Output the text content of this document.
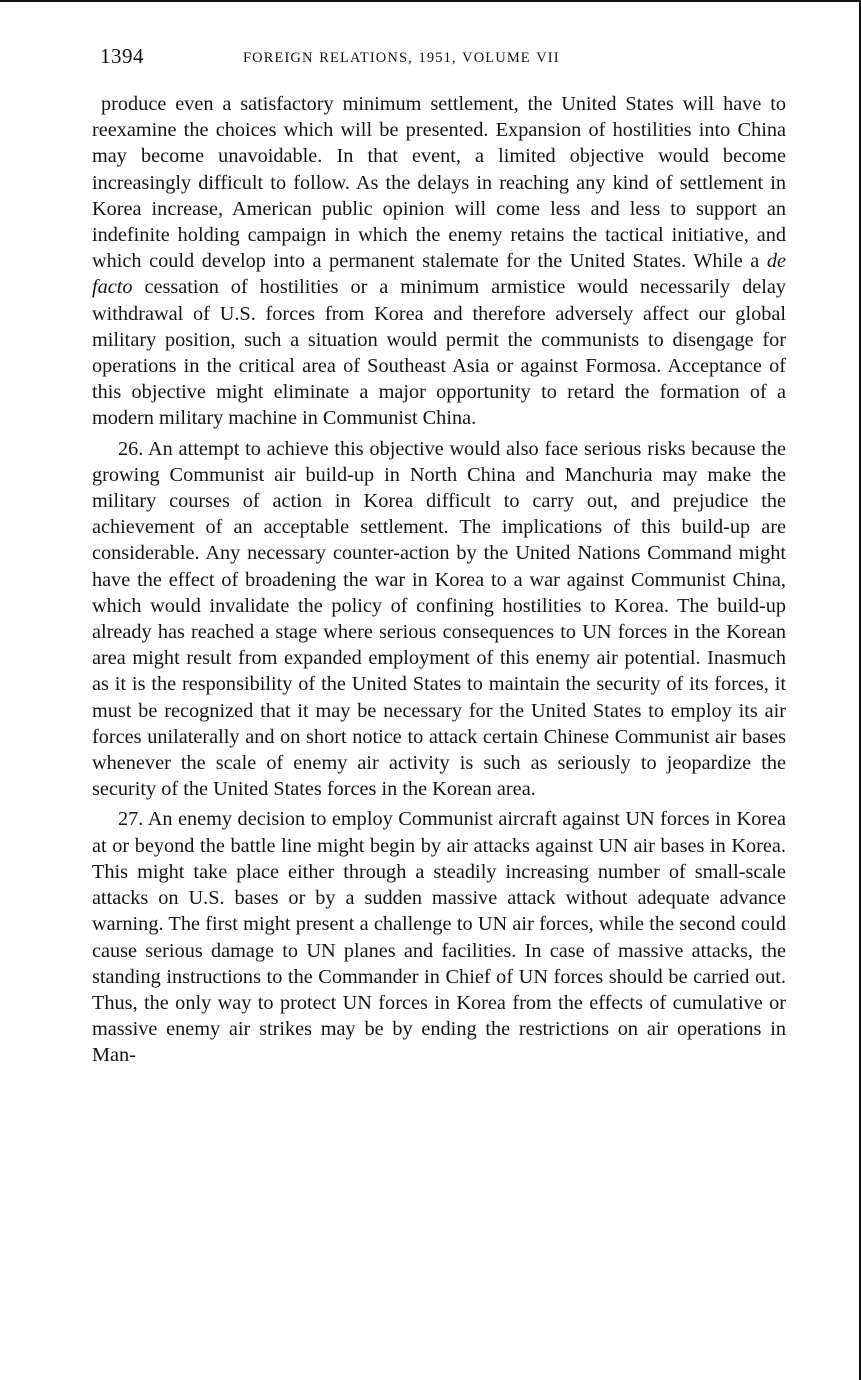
1394	FOREIGN RELATIONS, 1951, VOLUME VII

produce even a satisfactory minimum settlement, the United States will have to reexamine the choices which will be presented. Expansion of hostilities into China may become unavoidable. In that event, a limited objective would become increasingly difficult to follow. As the delays in reaching any kind of settlement in Korea increase, American public opinion will come less and less to support an indefinite holding campaign in which the enemy retains the tactical initiative, and which could develop into a permanent stalemate for the United States. While a de facto cessation of hostilities or a minimum armistice would necessarily delay withdrawal of U.S. forces from Korea and therefore adversely affect our global military position, such a situation would permit the communists to disengage for operations in the critical area of Southeast Asia or against Formosa. Acceptance of this objective might eliminate a major opportunity to retard the formation of a modern military machine in Communist China.

26. An attempt to achieve this objective would also face serious risks because the growing Communist air build-up in North China and Manchuria may make the military courses of action in Korea difficult to carry out, and prejudice the achievement of an acceptable settlement. The implications of this build-up are considerable. Any necessary counter-action by the United Nations Command might have the effect of broadening the war in Korea to a war against Communist China, which would invalidate the policy of confining hostilities to Korea. The build-up already has reached a stage where serious consequences to UN forces in the Korean area might result from expanded employment of this enemy air potential. Inasmuch as it is the responsibility of the United States to maintain the security of its forces, it must be recognized that it may be necessary for the United States to employ its air forces unilaterally and on short notice to attack certain Chinese Communist air bases whenever the scale of enemy air activity is such as seriously to jeopardize the security of the United States forces in the Korean area.

27. An enemy decision to employ Communist aircraft against UN forces in Korea at or beyond the battle line might begin by air attacks against UN air bases in Korea. This might take place either through a steadily increasing number of small-scale attacks on U.S. bases or by a sudden massive attack without adequate advance warning. The first might present a challenge to UN air forces, while the second could cause serious damage to UN planes and facilities. In case of massive attacks, the standing instructions to the Commander in Chief of UN forces should be carried out. Thus, the only way to protect UN forces in Korea from the effects of cumulative or massive enemy air strikes may be by ending the restrictions on air operations in Man-
